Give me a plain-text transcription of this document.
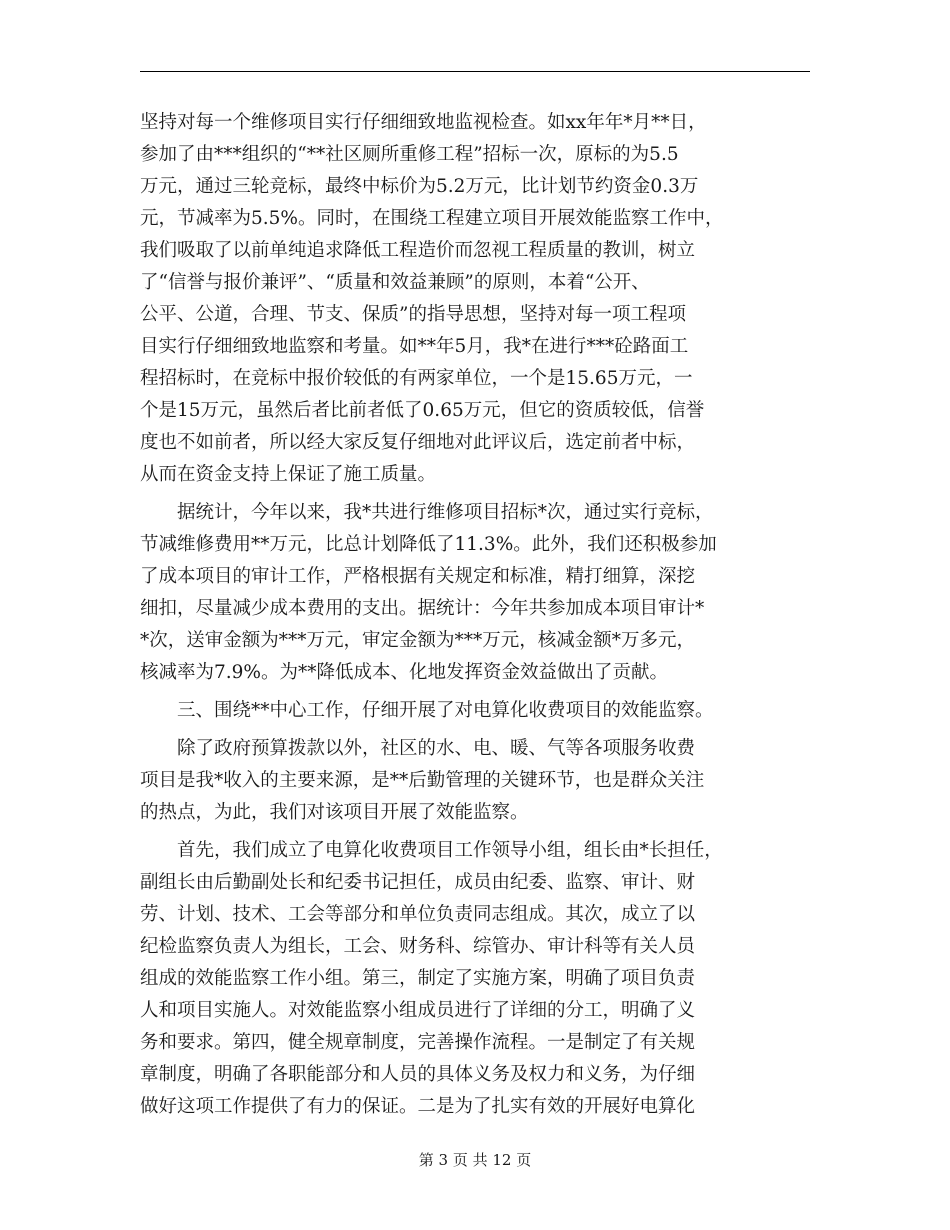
坚持对每一个维修项目实行仔细细致地监视检查。如xx年年*月**日，
参加了由***组织的“**社区厕所重修工程”招标一次，原标的为5.5
万元，通过三轮竞标，最终中标价为5.2万元，比计划节约资金0.3万
元，节减率为5.5%。同时，在围绕工程建立项目开展效能监察工作中，
我们吸取了以前单纯追求降低工程造价而忽视工程质量的教训，树立
了“信誉与报价兼评”、“质量和效益兼顾”的原则，本着“公开、
公平、公道，合理、节支、保质”的指导思想，坚持对每一项工程项
目实行仔细细致地监察和考量。如**年5月，我*在进行***砼路面工
程招标时，在竞标中报价较低的有两家单位，一个是15.65万元，一
个是15万元，虽然后者比前者低了0.65万元，但它的资质较低，信誉
度也不如前者，所以经大家反复仔细地对此评议后，选定前者中标，
从而在资金支持上保证了施工质量。
　　据统计，今年以来，我*共进行维修项目招标*次，通过实行竞标，
节减维修费用**万元，比总计划降低了11.3%。此外，我们还积极参加
了成本项目的审计工作，严格根据有关规定和标准，精打细算，深挖
细扣，尽量减少成本费用的支出。据统计：今年共参加成本项目审计*
*次，送审金额为***万元，审定金额为***万元，核减金额*万多元，
核减率为7.9%。为**降低成本、化地发挥资金效益做出了贡献。
　　三、围绕**中心工作，仔细开展了对电算化收费项目的效能监察。
　　除了政府预算拨款以外，社区的水、电、暖、气等各项服务收费
项目是我*收入的主要来源，是**后勤管理的关键环节，也是群众关注
的热点，为此，我们对该项目开展了效能监察。
　　首先，我们成立了电算化收费项目工作领导小组，组长由*长担任，
副组长由后勤副处长和纪委书记担任，成员由纪委、监察、审计、财
劳、计划、技术、工会等部分和单位负责同志组成。其次，成立了以
纪检监察负责人为组长，工会、财务科、综管办、审计科等有关人员
组成的效能监察工作小组。第三，制定了实施方案，明确了项目负责
人和项目实施人。对效能监察小组成员进行了详细的分工，明确了义
务和要求。第四，健全规章制度，完善操作流程。一是制定了有关规
章制度，明确了各职能部分和人员的具体义务及权力和义务，为仔细
做好这项工作提供了有力的保证。二是为了扎实有效的开展好电算化
第 3 页 共 12 页
